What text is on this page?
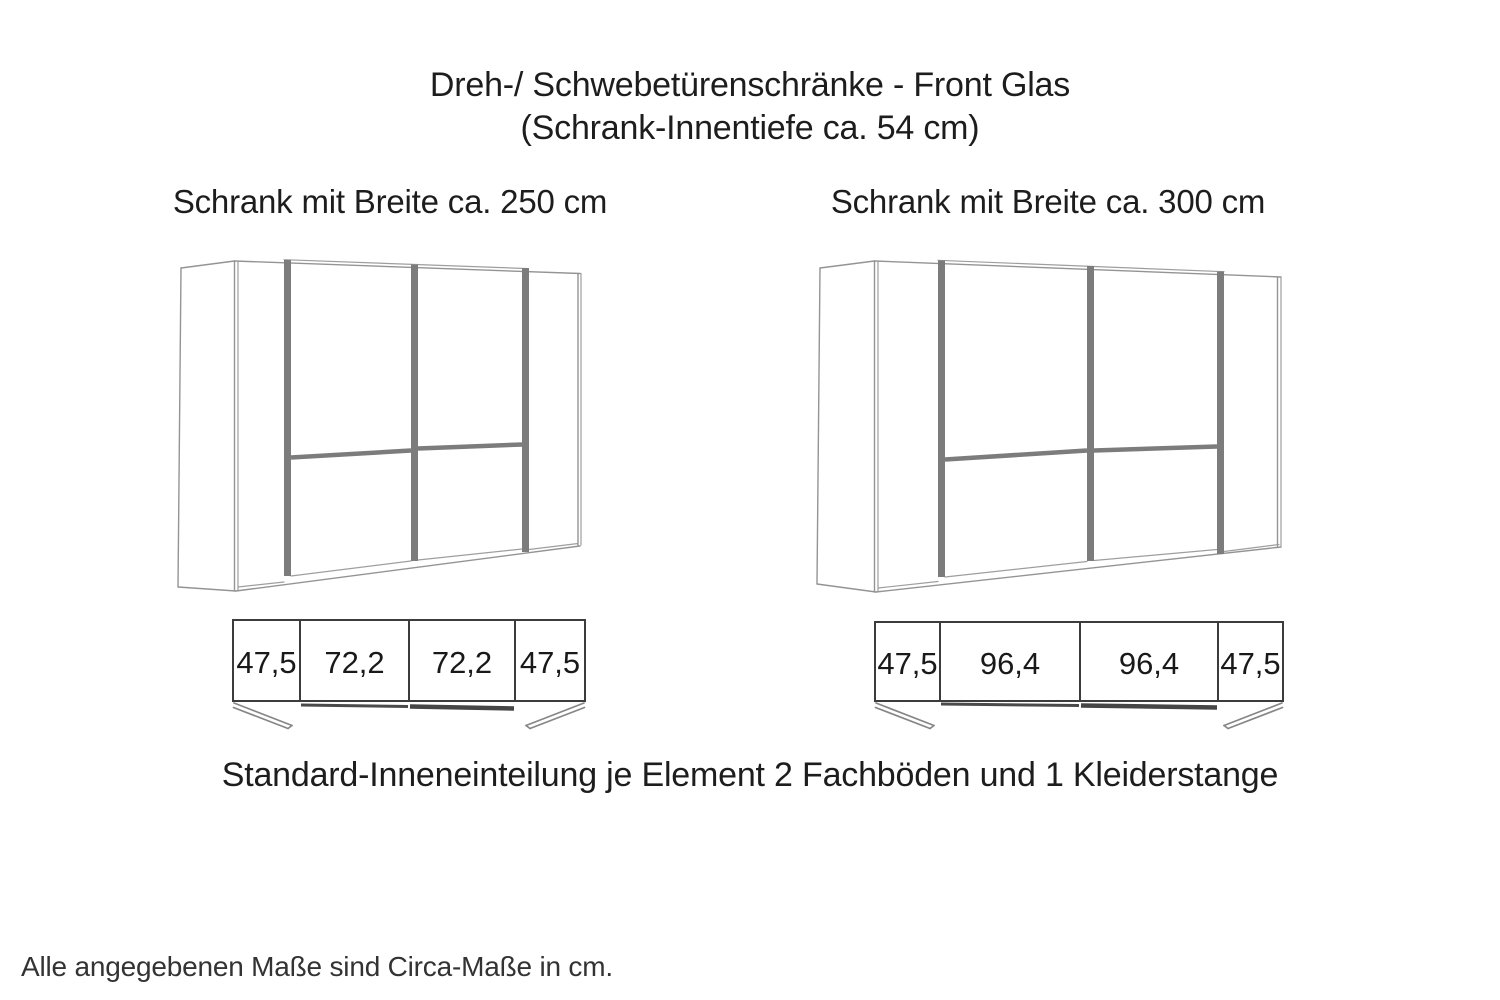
Dreh-/ Schwebetürenschränke - Front Glas
(Schrank-Innentiefe ca. 54 cm)
Schrank mit Breite ca. 250 cm	Schrank mit Breite ca. 300 cm
47,5 72,2 72,2 47,5	47,5 96,4	96,4 47,5
Standard-Inneneinteilung je Element 2 Fachböden und 1 Kleiderstange
Alle angegebenen Maße sind Circa-Maße in cm.
